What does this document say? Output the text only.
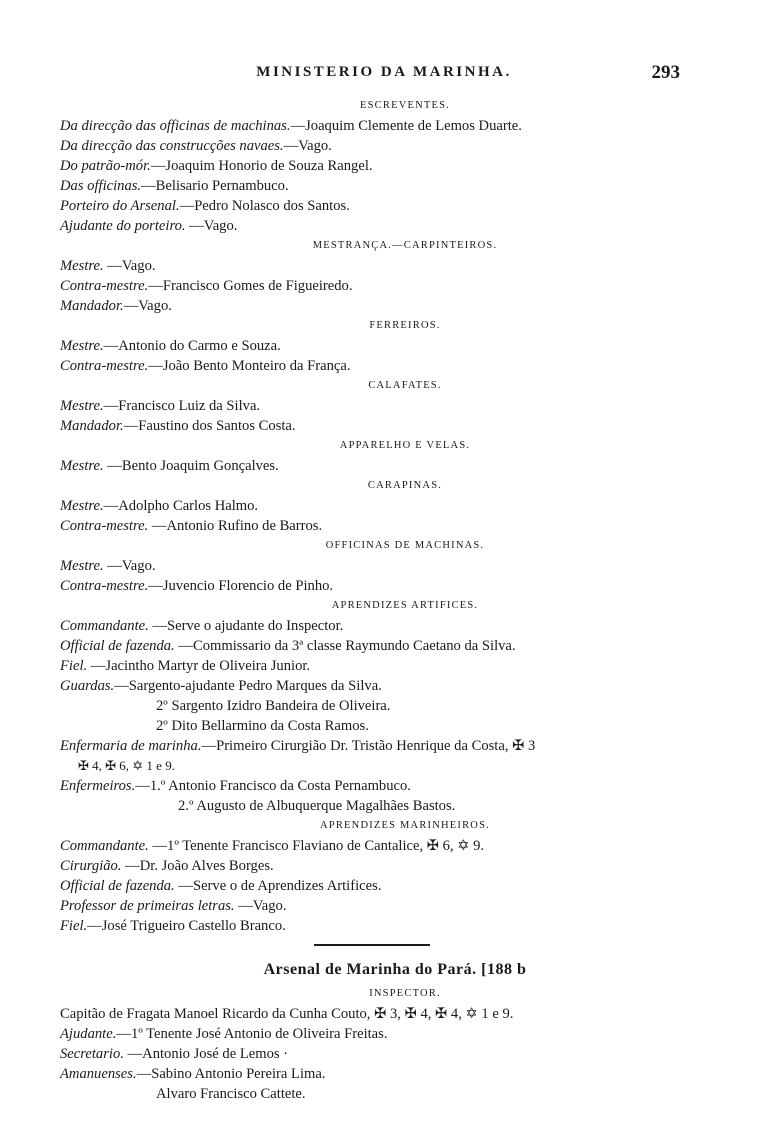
MINISTERIO DA MARINHA.	293
ESCREVENTES.
Da direcção das officinas de machinas.—Joaquim Clemente de Lemos Duarte.
Da direcção das construcções navaes.—Vago.
Do patrão-mór.—Joaquim Honorio de Souza Rangel.
Das officinas.—Belisario Pernambuco.
Porteiro do Arsenal.—Pedro Nolasco dos Santos.
Ajudante do porteiro. —Vago.
MESTRANÇA.—CARPINTEIROS.
Mestre. —Vago.
Contra-mestre.—Francisco Gomes de Figueiredo.
Mandador.—Vago.
FERREIROS.
Mestre.—Antonio do Carmo e Souza.
Contra-mestre.—João Bento Monteiro da França.
CALAFATES.
Mestre.—Francisco Luiz da Silva.
Mandador.—Faustino dos Santos Costa.
APPARELHO E VELAS.
Mestre. —Bento Joaquim Gonçalves.
CARAPINAS.
Mestre.—Adolpho Carlos Halmo.
Contra-mestre. —Antonio Rufino de Barros.
OFFICINAS DE MACHINAS.
Mestre. —Vago.
Contra-mestre.—Juvencio Florencio de Pinho.
APRENDIZES ARTIFICES.
Commandante. —Serve o ajudante do Inspector.
Official de fazenda. —Commissario da 3ª classe Raymundo Caetano da Silva.
Fiel. —Jacintho Martyr de Oliveira Junior.
Guardas.—Sargento-ajudante Pedro Marques da Silva.
2º Sargento Izidro Bandeira de Oliveira.
2º Dito Bellarmino da Costa Ramos.
Enfermaria de marinha.—Primeiro Cirurgião Dr. Tristão Henrique da Costa, ✠ 3
✠ 4, ✠ 6, ✡ 1 e 9.
Enfermeiros.—1.º Antonio Francisco da Costa Pernambuco.
2.º Augusto de Albuquerque Magalhães Bastos.
APRENDIZES MARINHEIROS.
Commandante. —1º Tenente Francisco Flaviano de Cantalice, ✠ 6, ✡ 9.
Cirurgião. —Dr. João Alves Borges.
Official de fazenda. —Serve o de Aprendizes Artifices.
Professor de primeiras letras. —Vago.
Fiel.—José Trigueiro Castello Branco.
Arsenal de Marinha do Pará. [188 b
INSPECTOR.
Capitão de Fragata Manoel Ricardo da Cunha Couto, ✠ 3, ✠ 4, ✠ 4, ✡ 1 e 9.
Ajudante.—1º Tenente José Antonio de Oliveira Freitas.
Secretario. —Antonio José de Lemos ·
Amanuenses.—Sabino Antonio Pereira Lima.
Alvaro Francisco Cattete.
